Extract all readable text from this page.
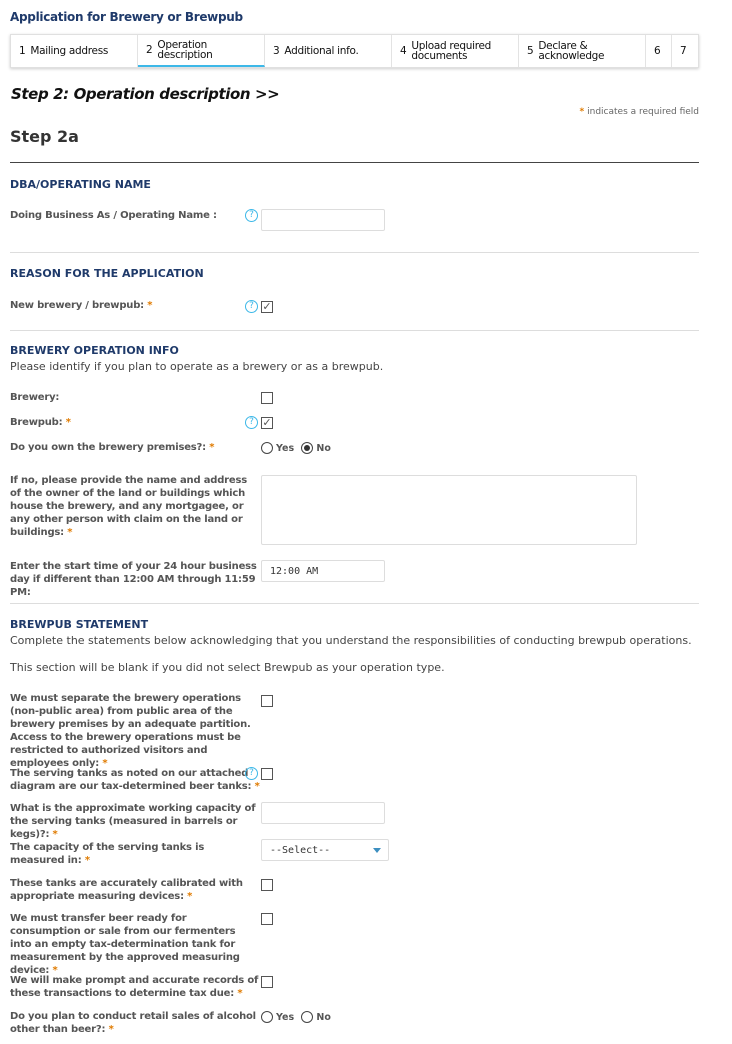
Application for Brewery or Brewpub
1 Mailing address	2 Operation description	3 Additional info.	4 Upload required documents	5 Declare & acknowledge	6 7
Step 2: Operation description >>
* indicates a required field
Step 2a
DBA/OPERATING NAME
Doing Business As / Operating Name :	?
REASON FOR THE APPLICATION
New brewery / brewpub: *	? ✓
BREWERY OPERATION INFO
Please identify if you plan to operate as a brewery or as a brewpub.
Brewery:
Brewpub: *	? ✓
Do you own the brewery premises?: *	Yes No
If no, please provide the name and address of the owner of the land or buildings which house the brewery, and any mortgagee, or any other person with claim on the land or buildings: *
Enter the start time of your 24 hour business day if different than 12:00 AM through 11:59 PM:
12:00 AM
BREWPUB STATEMENT
Complete the statements below acknowledging that you understand the responsibilities of conducting brewpub operations.
This section will be blank if you did not select Brewpub as your operation type.
We must separate the brewery operations (non-public area) from public area of the brewery premises by an adequate partition. Access to the brewery operations must be restricted to authorized visitors and employees only: *
The serving tanks as noted on our attached diagram are our tax-determined beer tanks: *
?
What is the approximate working capacity of the serving tanks (measured in barrels or kegs)?: *
The capacity of the serving tanks is measured in: *
--Select--
These tanks are accurately calibrated with appropriate measuring devices: *
We must transfer beer ready for consumption or sale from our fermenters into an empty tax-determination tank for measurement by the approved measuring device: *
We will make prompt and accurate records of these transactions to determine tax due: *
Do you plan to conduct retail sales of alcohol other than beer?: *
Yes No
